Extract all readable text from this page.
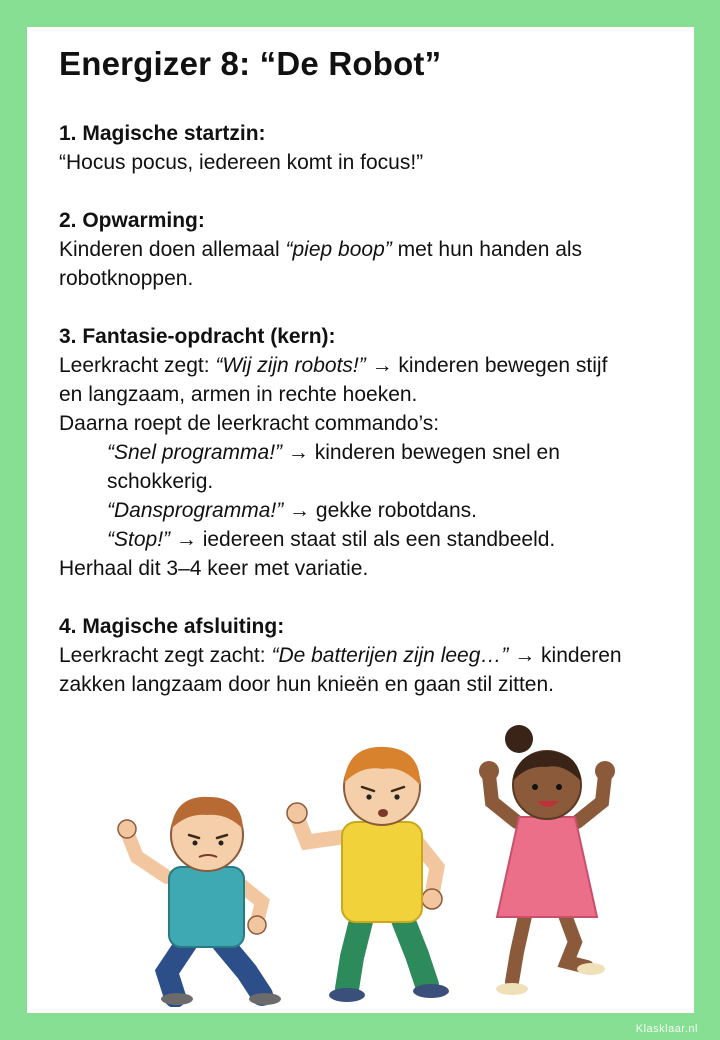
Energizer 8: “De Robot”
1. Magische startzin:
“Hocus pocus, iedereen komt in focus!”
2. Opwarming:
Kinderen doen allemaal “piep boop” met hun handen als
robotknoppen.
3. Fantasie-opdracht (kern):
Leerkracht zegt: “Wij zijn robots!” → kinderen bewegen stijf
en langzaam, armen in rechte hoeken.
Daarna roept de leerkracht commando’s:
“Snel programma!” → kinderen bewegen snel en
schokkerig.
“Dansprogramma!” → gekke robotdans.
“Stop!” → iedereen staat stil als een standbeeld.
Herhaal dit 3–4 keer met variatie.
4. Magische afsluiting:
Leerkracht zegt zacht: “De batterijen zijn leeg…” → kinderen
zakken langzaam door hun knieën en gaan stil zitten.
Klasklaar.nl
